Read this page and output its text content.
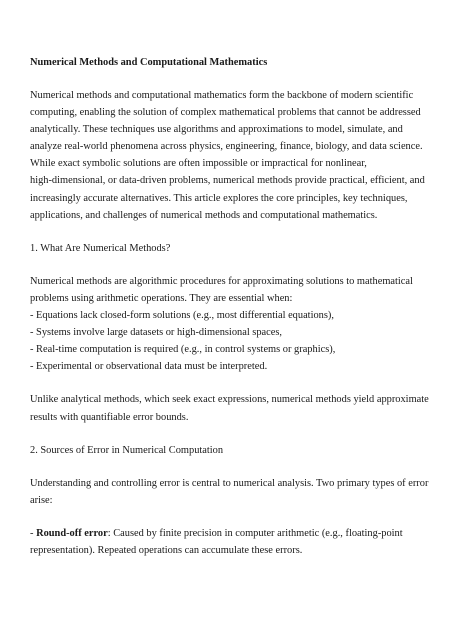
Numerical Methods and Computational Mathematics

Numerical methods and computational mathematics form the backbone of modern scientific
computing, enabling the solution of complex mathematical problems that cannot be addressed
analytically. These techniques use algorithms and approximations to model, simulate, and
analyze real-world phenomena across physics, engineering, finance, biology, and data science.
While exact symbolic solutions are often impossible or impractical for nonlinear,
high-dimensional, or data-driven problems, numerical methods provide practical, efficient, and
increasingly accurate alternatives. This article explores the core principles, key techniques,
applications, and challenges of numerical methods and computational mathematics.

1. What Are Numerical Methods?

Numerical methods are algorithmic procedures for approximating solutions to mathematical
problems using arithmetic operations. They are essential when:
- Equations lack closed-form solutions (e.g., most differential equations),
- Systems involve large datasets or high-dimensional spaces,
- Real-time computation is required (e.g., in control systems or graphics),
- Experimental or observational data must be interpreted.

Unlike analytical methods, which seek exact expressions, numerical methods yield approximate
results with quantifiable error bounds.

2. Sources of Error in Numerical Computation

Understanding and controlling error is central to numerical analysis. Two primary types of error
arise:

- Round-off error: Caused by finite precision in computer arithmetic (e.g., floating-point
representation). Repeated operations can accumulate these errors.
